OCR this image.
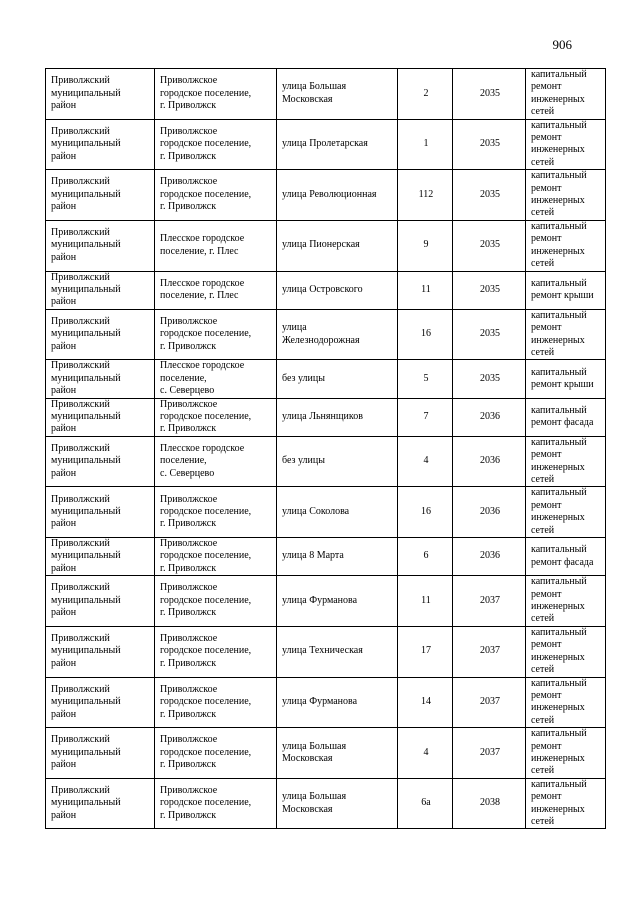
906
Приволжский
муниципальный
район	Приволжское
городское поселение,
г. Приволжск	улица Большая
Московская	2	2035	капитальный
ремонт
инженерных
сетей
Приволжский
муниципальный
район	Приволжское
городское поселение,
г. Приволжск	улица Пролетарская	1	2035	капитальный
ремонт
инженерных
сетей
Приволжский
муниципальный
район	Приволжское
городское поселение,
г. Приволжск	улица Революционная	112	2035	капитальный
ремонт
инженерных
сетей
Приволжский
муниципальный
район	Плесское городское
поселение, г. Плес	улица Пионерская	9	2035	капитальный
ремонт
инженерных
сетей
Приволжский
муниципальный
район	Плесское городское
поселение, г. Плес	улица Островского	11	2035	капитальный
ремонт крыши
Приволжский
муниципальный
район	Приволжское
городское поселение,
г. Приволжск	улица
Железнодорожная	16	2035	капитальный
ремонт
инженерных
сетей
Приволжский
муниципальный
район	Плесское городское
поселение,
с. Северцево	без улицы	5	2035	капитальный
ремонт крыши
Приволжский
муниципальный
район	Приволжское
городское поселение,
г. Приволжск	улица Льнянщиков	7	2036	капитальный
ремонт фасада
Приволжский
муниципальный
район	Плесское городское
поселение,
с. Северцево	без улицы	4	2036	капитальный
ремонт
инженерных
сетей
Приволжский
муниципальный
район	Приволжское
городское поселение,
г. Приволжск	улица Соколова	16	2036	капитальный
ремонт
инженерных
сетей
Приволжский
муниципальный
район	Приволжское
городское поселение,
г. Приволжск	улица 8 Марта	6	2036	капитальный
ремонт фасада
Приволжский
муниципальный
район	Приволжское
городское поселение,
г. Приволжск	улица Фурманова	11	2037	капитальный
ремонт
инженерных
сетей
Приволжский
муниципальный
район	Приволжское
городское поселение,
г. Приволжск	улица Техническая	17	2037	капитальный
ремонт
инженерных
сетей
Приволжский
муниципальный
район	Приволжское
городское поселение,
г. Приволжск	улица Фурманова	14	2037	капитальный
ремонт
инженерных
сетей
Приволжский
муниципальный
район	Приволжское
городское поселение,
г. Приволжск	улица Большая
Московская	4	2037	капитальный
ремонт
инженерных
сетей
Приволжский
муниципальный
район	Приволжское
городское поселение,
г. Приволжск	улица Большая
Московская	6а	2038	капитальный
ремонт
инженерных
сетей
